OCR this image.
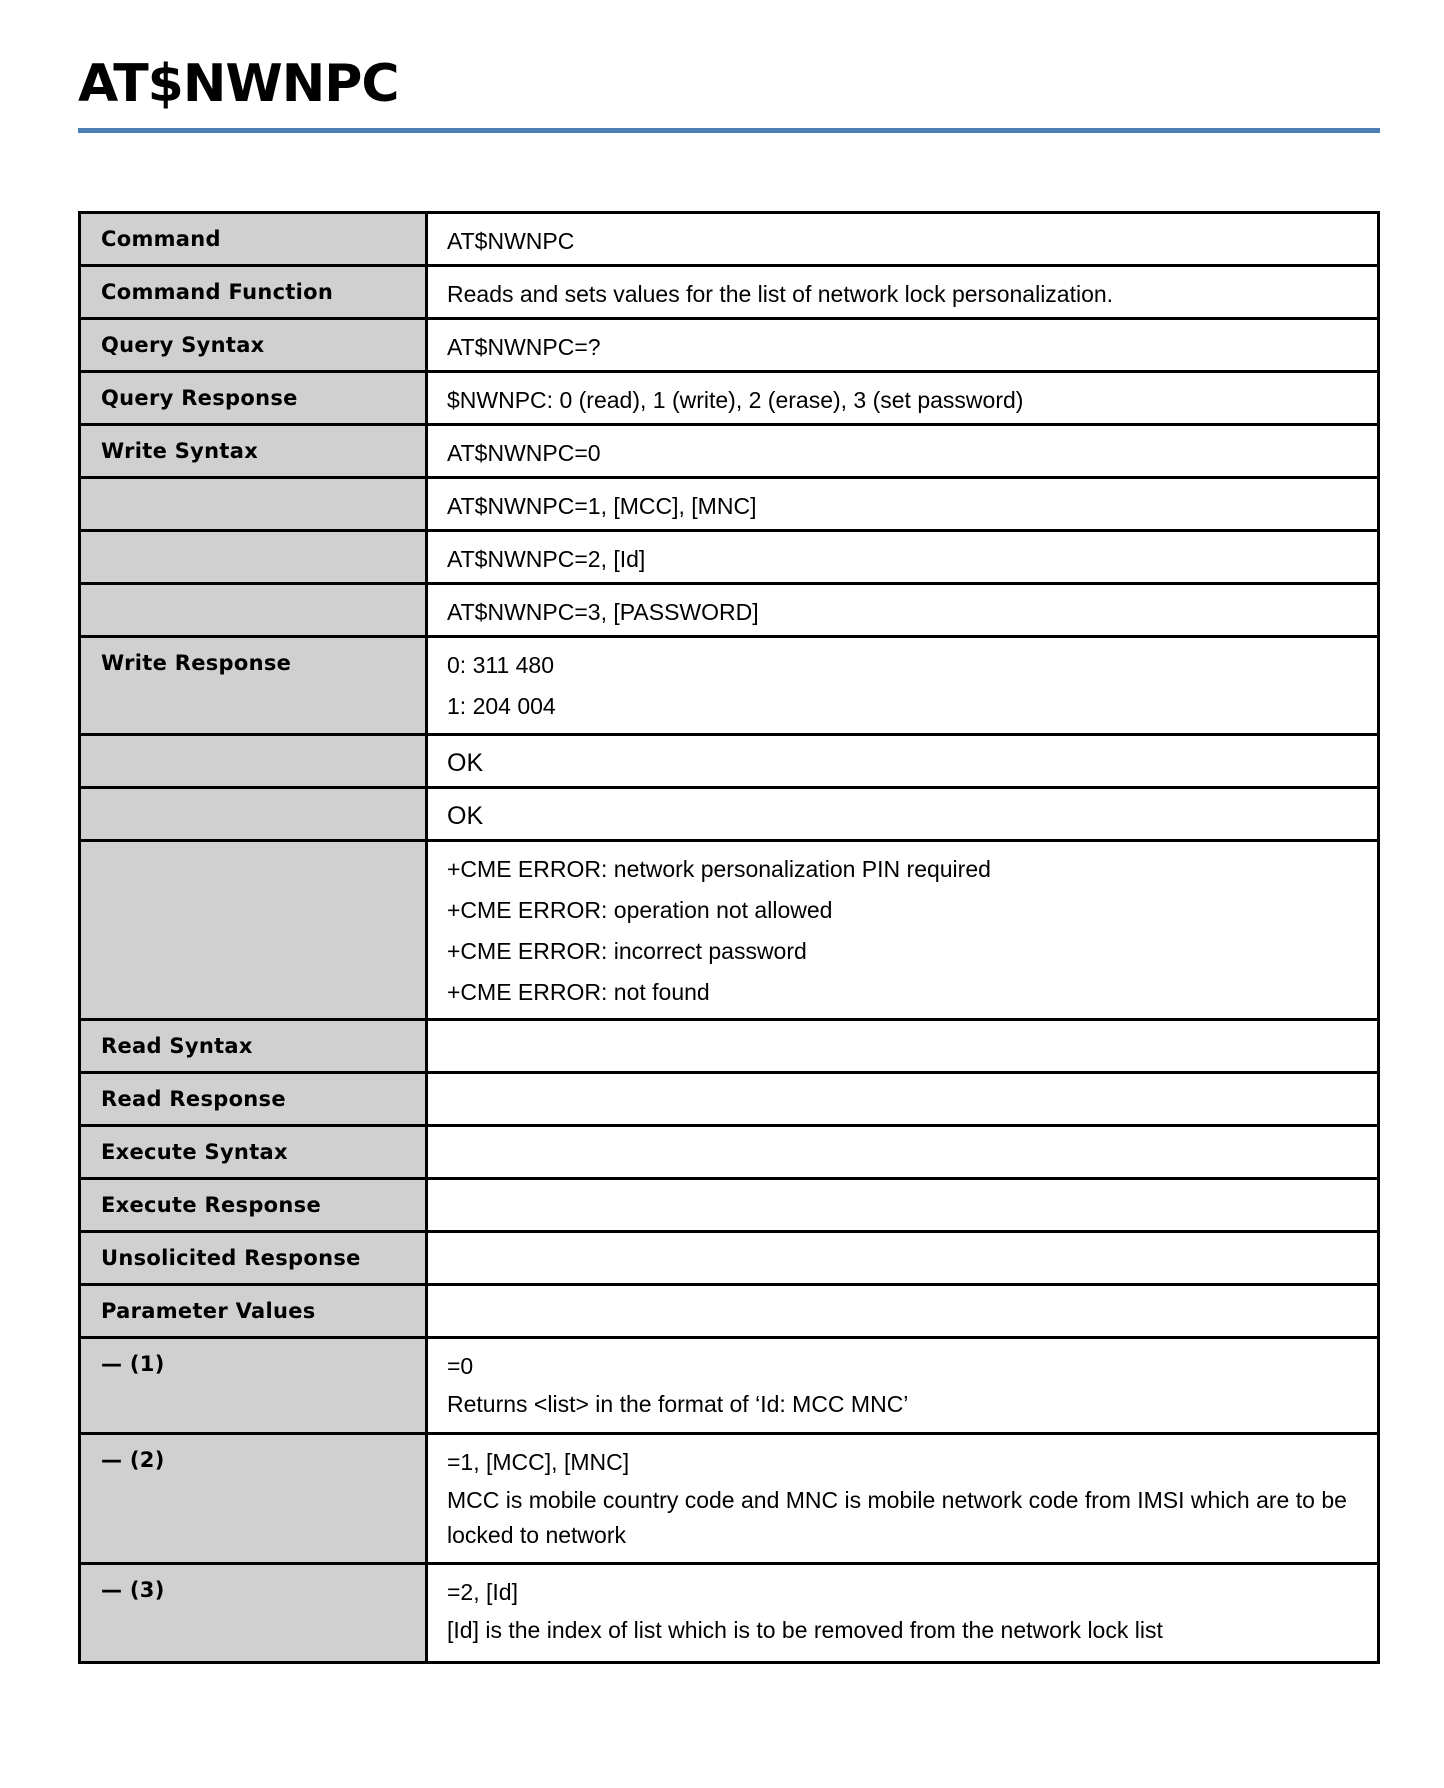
AT$NWNPC
Command	AT$NWNPC

Command Function	Reads and sets values for the list of network lock personalization.

Query Syntax	AT$NWNPC=?

Query Response	$NWNPC: 0 (read), 1 (write), 2 (erase), 3 (set password)

Write Syntax	AT$NWNPC=0

	AT$NWNPC=1, [MCC], [MNC]

	AT$NWNPC=2, [Id]

	AT$NWNPC=3, [PASSWORD]

Write Response	0: 311 480
1: 204 004

	OK

	OK

	+CME ERROR: network personalization PIN required
+CME ERROR: operation not allowed
+CME ERROR: incorrect password
+CME ERROR: not found

Read Syntax	

Read Response	

Execute Syntax	

Execute Response	

Unsolicited Response	

Parameter Values	

— (1)	=0
Returns <list> in the format of ‘Id: MCC MNC’

— (2)	=1, [MCC], [MNC]
MCC is mobile country code and MNC is mobile network code from IMSI which are to be locked to network

— (3)	=2, [Id]
[Id] is the index of list which is to be removed from the network lock list
